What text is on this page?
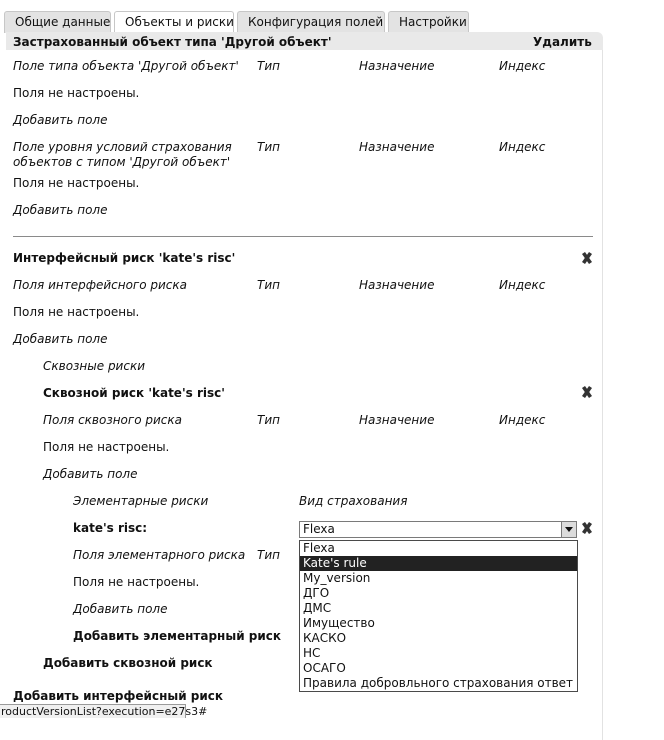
Общие данные	Объекты и риски	Конфигурация полей	Настройки
Застрахованный объект типа 'Другой объект'	Удалить
Поле типа объекта 'Другой объект' Тип	Назначение	Индекс
Поля не настроены.
Добавить поле
Поле уровня условий страхования
объектов с типом 'Другой объект'
Тип	Назначение	Индекс
Поля не настроены.
Добавить поле
Интерфейсный риск 'kate's risc'
Поля интерфейсного риска	Тип	Назначение	Индекс
Поля не настроены.
Добавить поле
Сквозные риски
Сквозной риск 'kate's risc'
Поля сквозного риска	Тип	Назначение	Индекс
Поля не настроены.
Добавить поле
Элементарные риски	Вид страхования
kate's risc:	Flexa
Поля элементарного риска Тип
Поля не настроены.
Добавить поле
Добавить элементарный риск
Добавить сквозной риск
Добавить интерфейсный риск
Flexa
Kate's rule
My_version
ДГО
ДМС
Имущество
КАСКО
НС
ОСАГО
Правила добровльного страхования ответ
roductVersionList?execution=e27s3#
